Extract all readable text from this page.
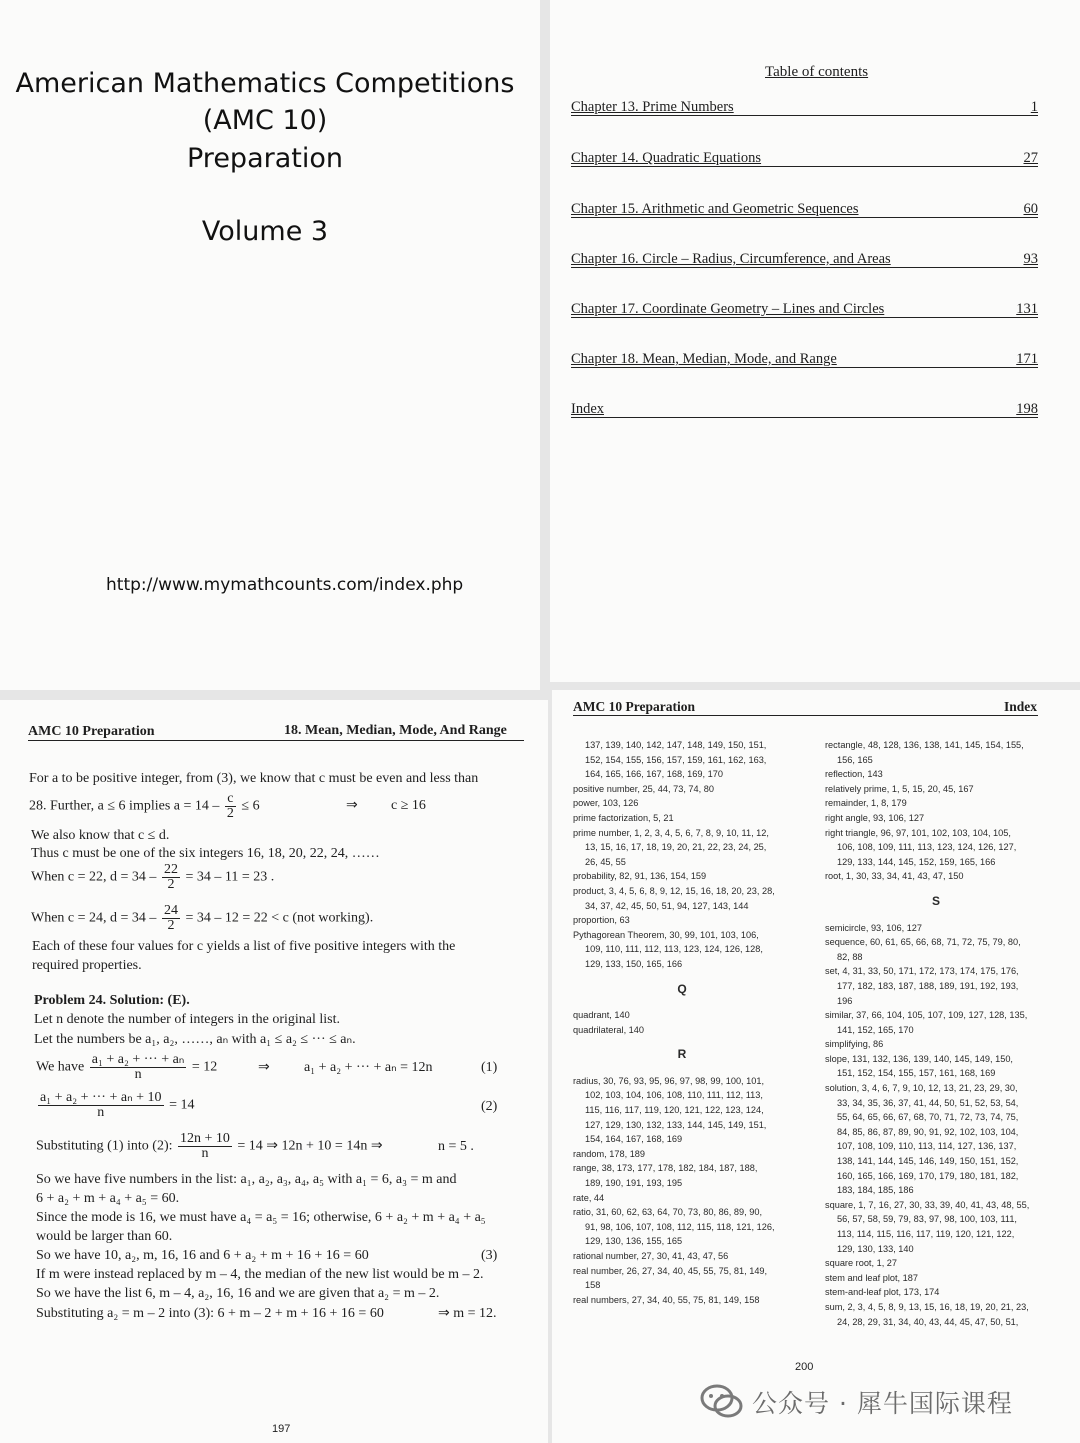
American Mathematics Competitions
(AMC 10)
Preparation
Volume 3
http://www.mymathcounts.com/index.php
Table of contents
Chapter 13. Prime Numbers	1
Chapter 14. Quadratic Equations	27
Chapter 15. Arithmetic and Geometric Sequences	60
Chapter 16. Circle – Radius, Circumference, and Areas	93
Chapter 17. Coordinate Geometry – Lines and Circles	131
Chapter 18. Mean, Median, Mode, and Range	171
Index	198
AMC 10 Preparation	18. Mean, Median, Mode, And Range
For a to be positive integer, from (3), we know that c must be even and less than
28. Further, a ≤ 6 implies $a = 14 - \frac{c}{2} \le 6$	⇒ c ≥ 16
We also know that c ≤ d.
Thus c must be one of the six integers 16, 18, 20, 22, 24, ……
When c = 22, $d = 34 - \frac{22}{2} = 34 - 11 = 23$ .
When c = 24, $d = 34 - \frac{24}{2} = 34 - 12 = 22 < c$ (not working).
Each of these four values for c yields a list of five positive integers with the
required properties.
Problem 24. Solution: (E).
Let n denote the number of integers in the original list.
Let the numbers be a₁, a₂, ……, aₙ with a₁ ≤ a₂ ≤ ··· ≤ aₙ.
We have $\frac{\text{a₁ + a₂ + ··· + aₙ}}{n} = 12$	⇒ a₁ + a₂ + ··· + aₙ = 12n	(1)
$\frac{\text{a₁ + a₂ + ··· + aₙ + 10}}{n} = 14$	(2)
Substituting (1) into (2): $\frac{12n + 10}{n} = 14$ ⇒ 12n + 10 = 14n ⇒	n = 5 .
So we have five numbers in the list: a₁, a₂, a₃, a₄, a₅ with a₁ = 6, a₃ = m and
6 + a₂ + m + a₄ + a₅ = 60.
Since the mode is 16, we must have a₄ = a₅ = 16; otherwise, 6 + a₂ + m + a₄ + a₅
would be larger than 60.
So we have 10, a₂, m, 16, 16 and 6 + a₂ + m + 16 + 16 = 60	(3)
If m were instead replaced by m – 4, the median of the new list would be m – 2.
So we have the list 6, m – 4, a₂, 16, 16 and we are given that a₂ = m – 2.
Substituting a₂ = m – 2 into (3): 6 + m – 2 + m + 16 + 16 = 60	⇒ m = 12.
197
AMC 10 Preparation	Index
137, 139, 140, 142, 147, 148, 149, 150, 151,
152, 154, 155, 156, 157, 159, 161, 162, 163,
164, 165, 166, 167, 168, 169, 170
positive number, 25, 44, 73, 74, 80
power, 103, 126
prime factorization, 5, 21
prime number, 1, 2, 3, 4, 5, 6, 7, 8, 9, 10, 11, 12,
13, 15, 16, 17, 18, 19, 20, 21, 22, 23, 24, 25,
26, 45, 55
probability, 82, 91, 136, 154, 159
product, 3, 4, 5, 6, 8, 9, 12, 15, 16, 18, 20, 23, 28,
34, 37, 42, 45, 50, 51, 94, 127, 143, 144
proportion, 63
Pythagorean Theorem, 30, 99, 101, 103, 106,
109, 110, 111, 112, 113, 123, 124, 126, 128,
129, 133, 150, 165, 166
Q
quadrant, 140
quadrilateral, 140
R
radius, 30, 76, 93, 95, 96, 97, 98, 99, 100, 101,
102, 103, 104, 106, 108, 110, 111, 112, 113,
115, 116, 117, 119, 120, 121, 122, 123, 124,
127, 129, 130, 132, 133, 144, 145, 149, 151,
154, 164, 167, 168, 169
random, 178, 189
range, 38, 173, 177, 178, 182, 184, 187, 188,
189, 190, 191, 193, 195
rate, 44
ratio, 31, 60, 62, 63, 64, 70, 73, 80, 86, 89, 90,
91, 98, 106, 107, 108, 112, 115, 118, 121, 126,
129, 130, 136, 155, 165
rational number, 27, 30, 41, 43, 47, 56
real number, 26, 27, 34, 40, 45, 55, 75, 81, 149,
158
real numbers, 27, 34, 40, 55, 75, 81, 149, 158
rectangle, 48, 128, 136, 138, 141, 145, 154, 155,
156, 165
reflection, 143
relatively prime, 1, 5, 15, 20, 45, 167
remainder, 1, 8, 179
right angle, 93, 106, 127
right triangle, 96, 97, 101, 102, 103, 104, 105,
106, 108, 109, 111, 113, 123, 124, 126, 127,
129, 133, 144, 145, 152, 159, 165, 166
root, 1, 30, 33, 34, 41, 43, 47, 150
S
semicircle, 93, 106, 127
sequence, 60, 61, 65, 66, 68, 71, 72, 75, 79, 80,
82, 88
set, 4, 31, 33, 50, 171, 172, 173, 174, 175, 176,
177, 182, 183, 187, 188, 189, 191, 192, 193,
196
similar, 37, 66, 104, 105, 107, 109, 127, 128, 135,
141, 152, 165, 170
simplifying, 86
slope, 131, 132, 136, 139, 140, 145, 149, 150,
151, 152, 154, 155, 157, 161, 168, 169
solution, 3, 4, 6, 7, 9, 10, 12, 13, 21, 23, 29, 30,
33, 34, 35, 36, 37, 41, 44, 50, 51, 52, 53, 54,
55, 64, 65, 66, 67, 68, 70, 71, 72, 73, 74, 75,
84, 85, 86, 87, 89, 90, 91, 92, 102, 103, 104,
107, 108, 109, 110, 113, 114, 127, 136, 137,
138, 141, 144, 145, 146, 149, 150, 151, 152,
160, 165, 166, 169, 170, 179, 180, 181, 182,
183, 184, 185, 186
square, 1, 7, 16, 27, 30, 33, 39, 40, 41, 43, 48, 55,
56, 57, 58, 59, 79, 83, 97, 98, 100, 103, 111,
113, 114, 115, 116, 117, 119, 120, 121, 122,
129, 130, 133, 140
square root, 1, 27
stem and leaf plot, 187
stem-and-leaf plot, 173, 174
sum, 2, 3, 4, 5, 8, 9, 13, 15, 16, 18, 19, 20, 21, 23,
24, 28, 29, 31, 34, 40, 43, 44, 45, 47, 50, 51,
200
公众号 · 犀牛国际课程
